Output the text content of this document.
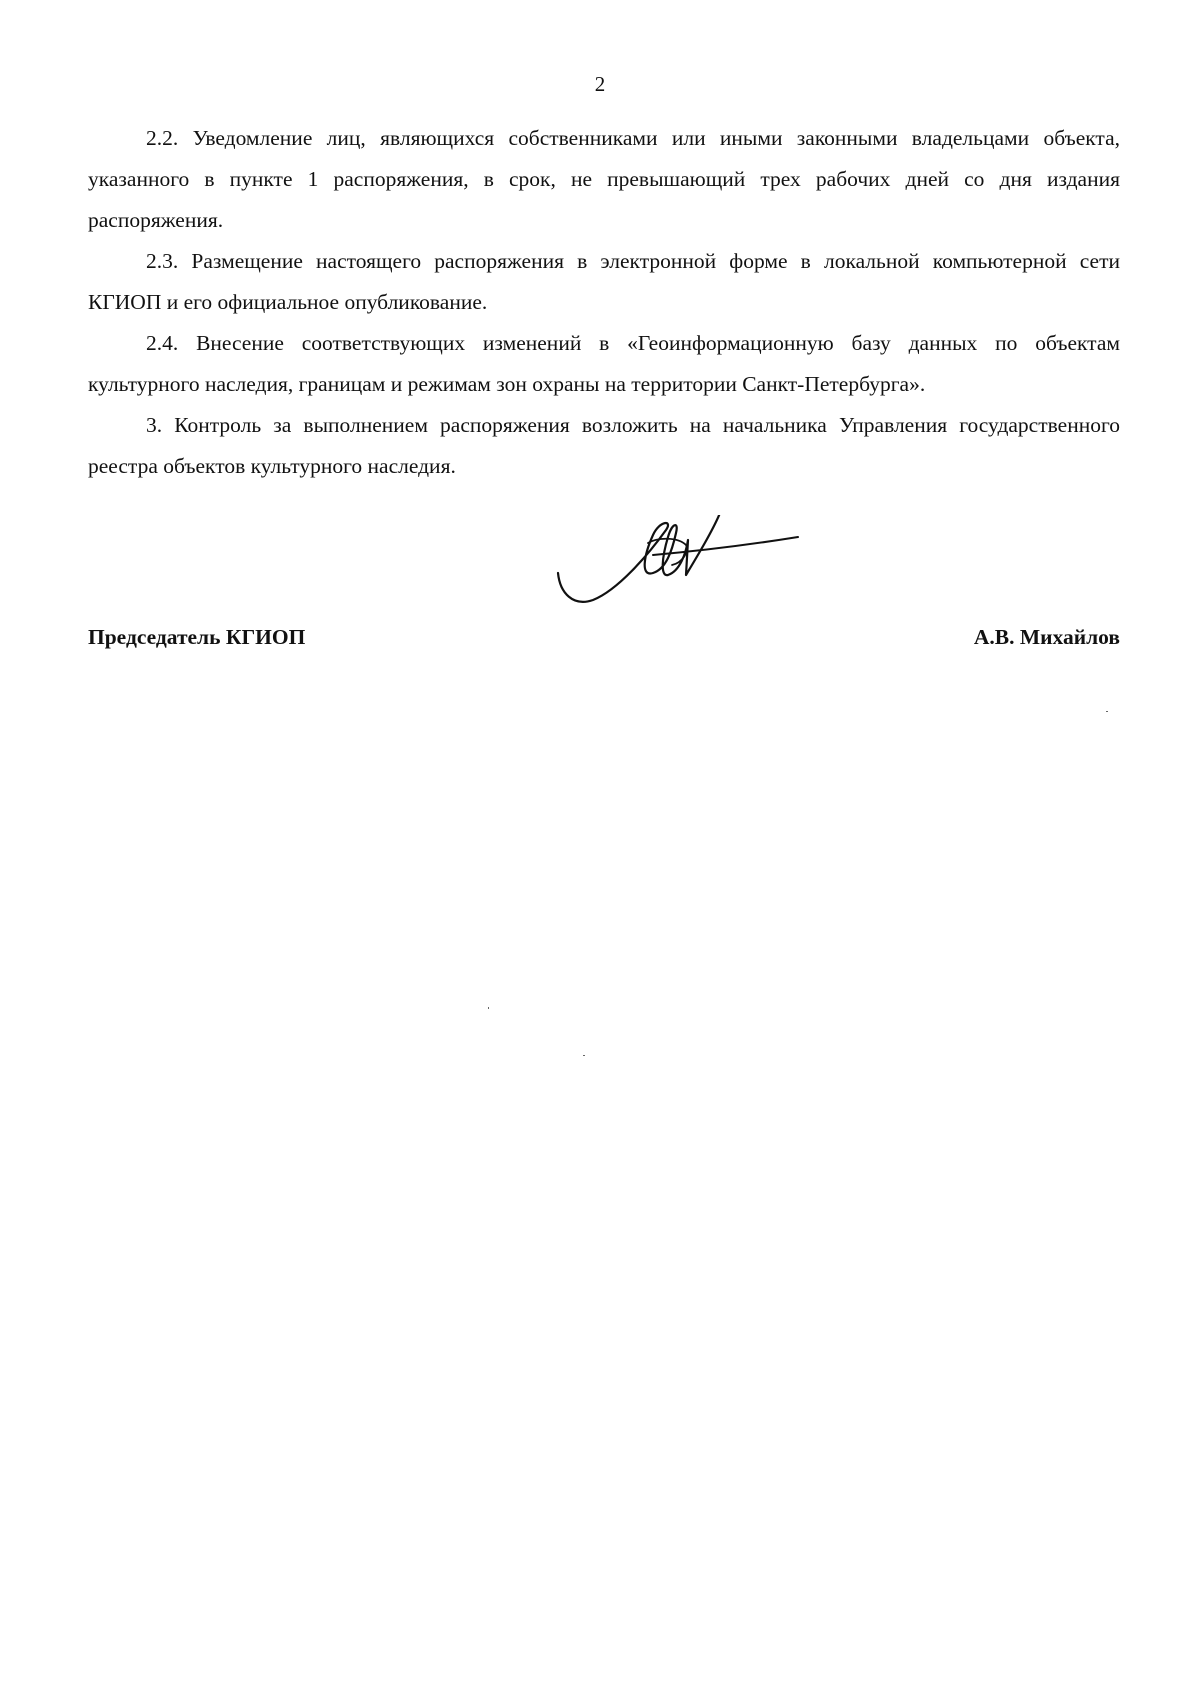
2

2.2. Уведомление лиц, являющихся собственниками или иными законными владельцами объекта, указанного в пункте 1 распоряжения, в срок, не превышающий трех рабочих дней со дня издания распоряжения.

2.3. Размещение настоящего распоряжения в электронной форме в локальной компьютерной сети КГИОП и его официальное опубликование.

2.4. Внесение соответствующих изменений в «Геоинформационную базу данных по объектам культурного наследия, границам и режимам зон охраны на территории Санкт-Петербурга».

3. Контроль за выполнением распоряжения возложить на начальника Управления государственного реестра объектов культурного наследия.

Председатель КГИОП	А.В. Михайлов
